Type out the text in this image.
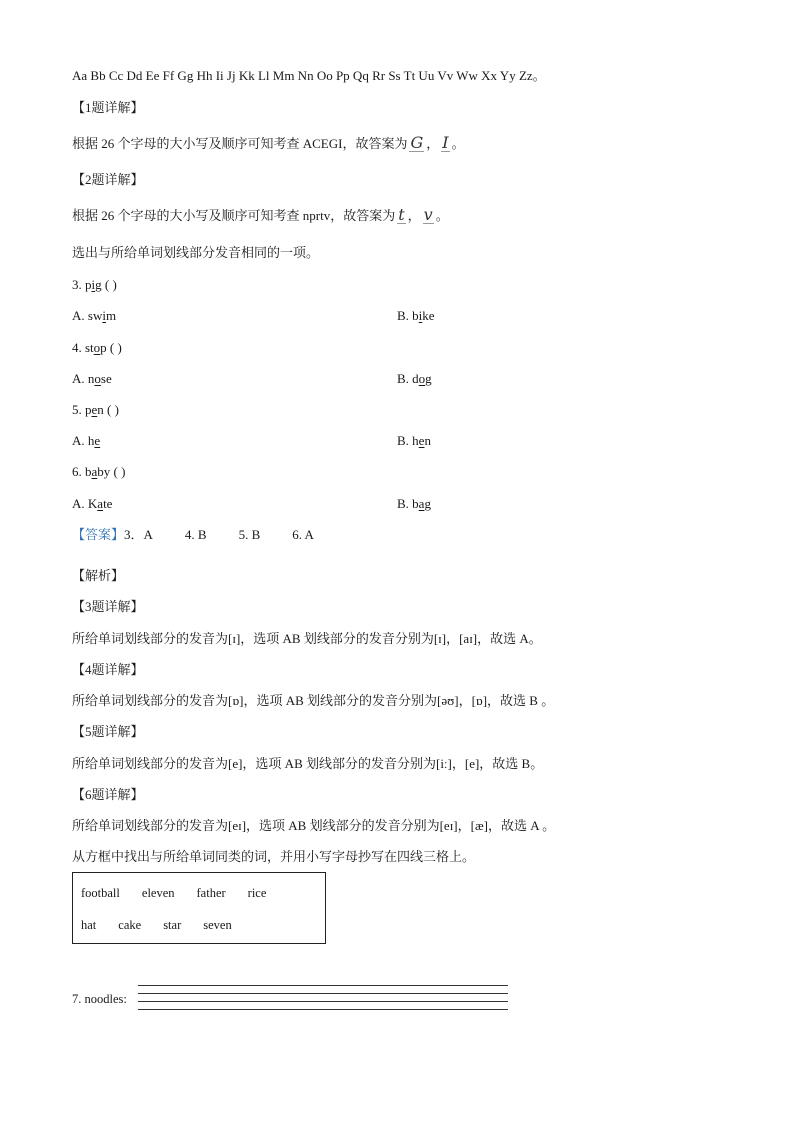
Aa Bb Cc Dd Ee Ff Gg Hh Ii Jj Kk Ll Mm Nn Oo Pp Qq Rr Ss Tt Uu Vv Ww Xx Yy Zz。
【1题详解】
根据 26 个字母的大小写及顺序可知考查 ACEGI，故答案为 G ， I 。
【2题详解】
根据 26 个字母的大小写及顺序可知考查 nprtv，故答案为 t ， v 。
选出与所给单词划线部分发音相同的一项。
3. pig ( )
A. swim	B. bike
4. stop ( )
A. nose	B. dog
5. pen ( )
A. he	B. hen
6. baby ( )
A. Kate	B. bag
【答案】3．A 4. B 5. B 6. A
【解析】
【3题详解】
所给单词划线部分的发音为[ɪ]，选项 AB 划线部分的发音分别为[ɪ]，[aɪ]，故选 A。
【4题详解】
所给单词划线部分的发音为[ɒ]，选项 AB 划线部分的发音分别为[əʊ]，[ɒ]，故选 B 。
【5题详解】
所给单词划线部分的发音为[e]，选项 AB 划线部分的发音分别为[iː]，[e]，故选 B。
【6题详解】
所给单词划线部分的发音为[eɪ]，选项 AB 划线部分的发音分别为[eɪ]，[æ]，故选 A 。
从方框中找出与所给单词同类的词，并用小写字母抄写在四线三格上。
football eleven father rice
hat cake star seven
7. noodles:
